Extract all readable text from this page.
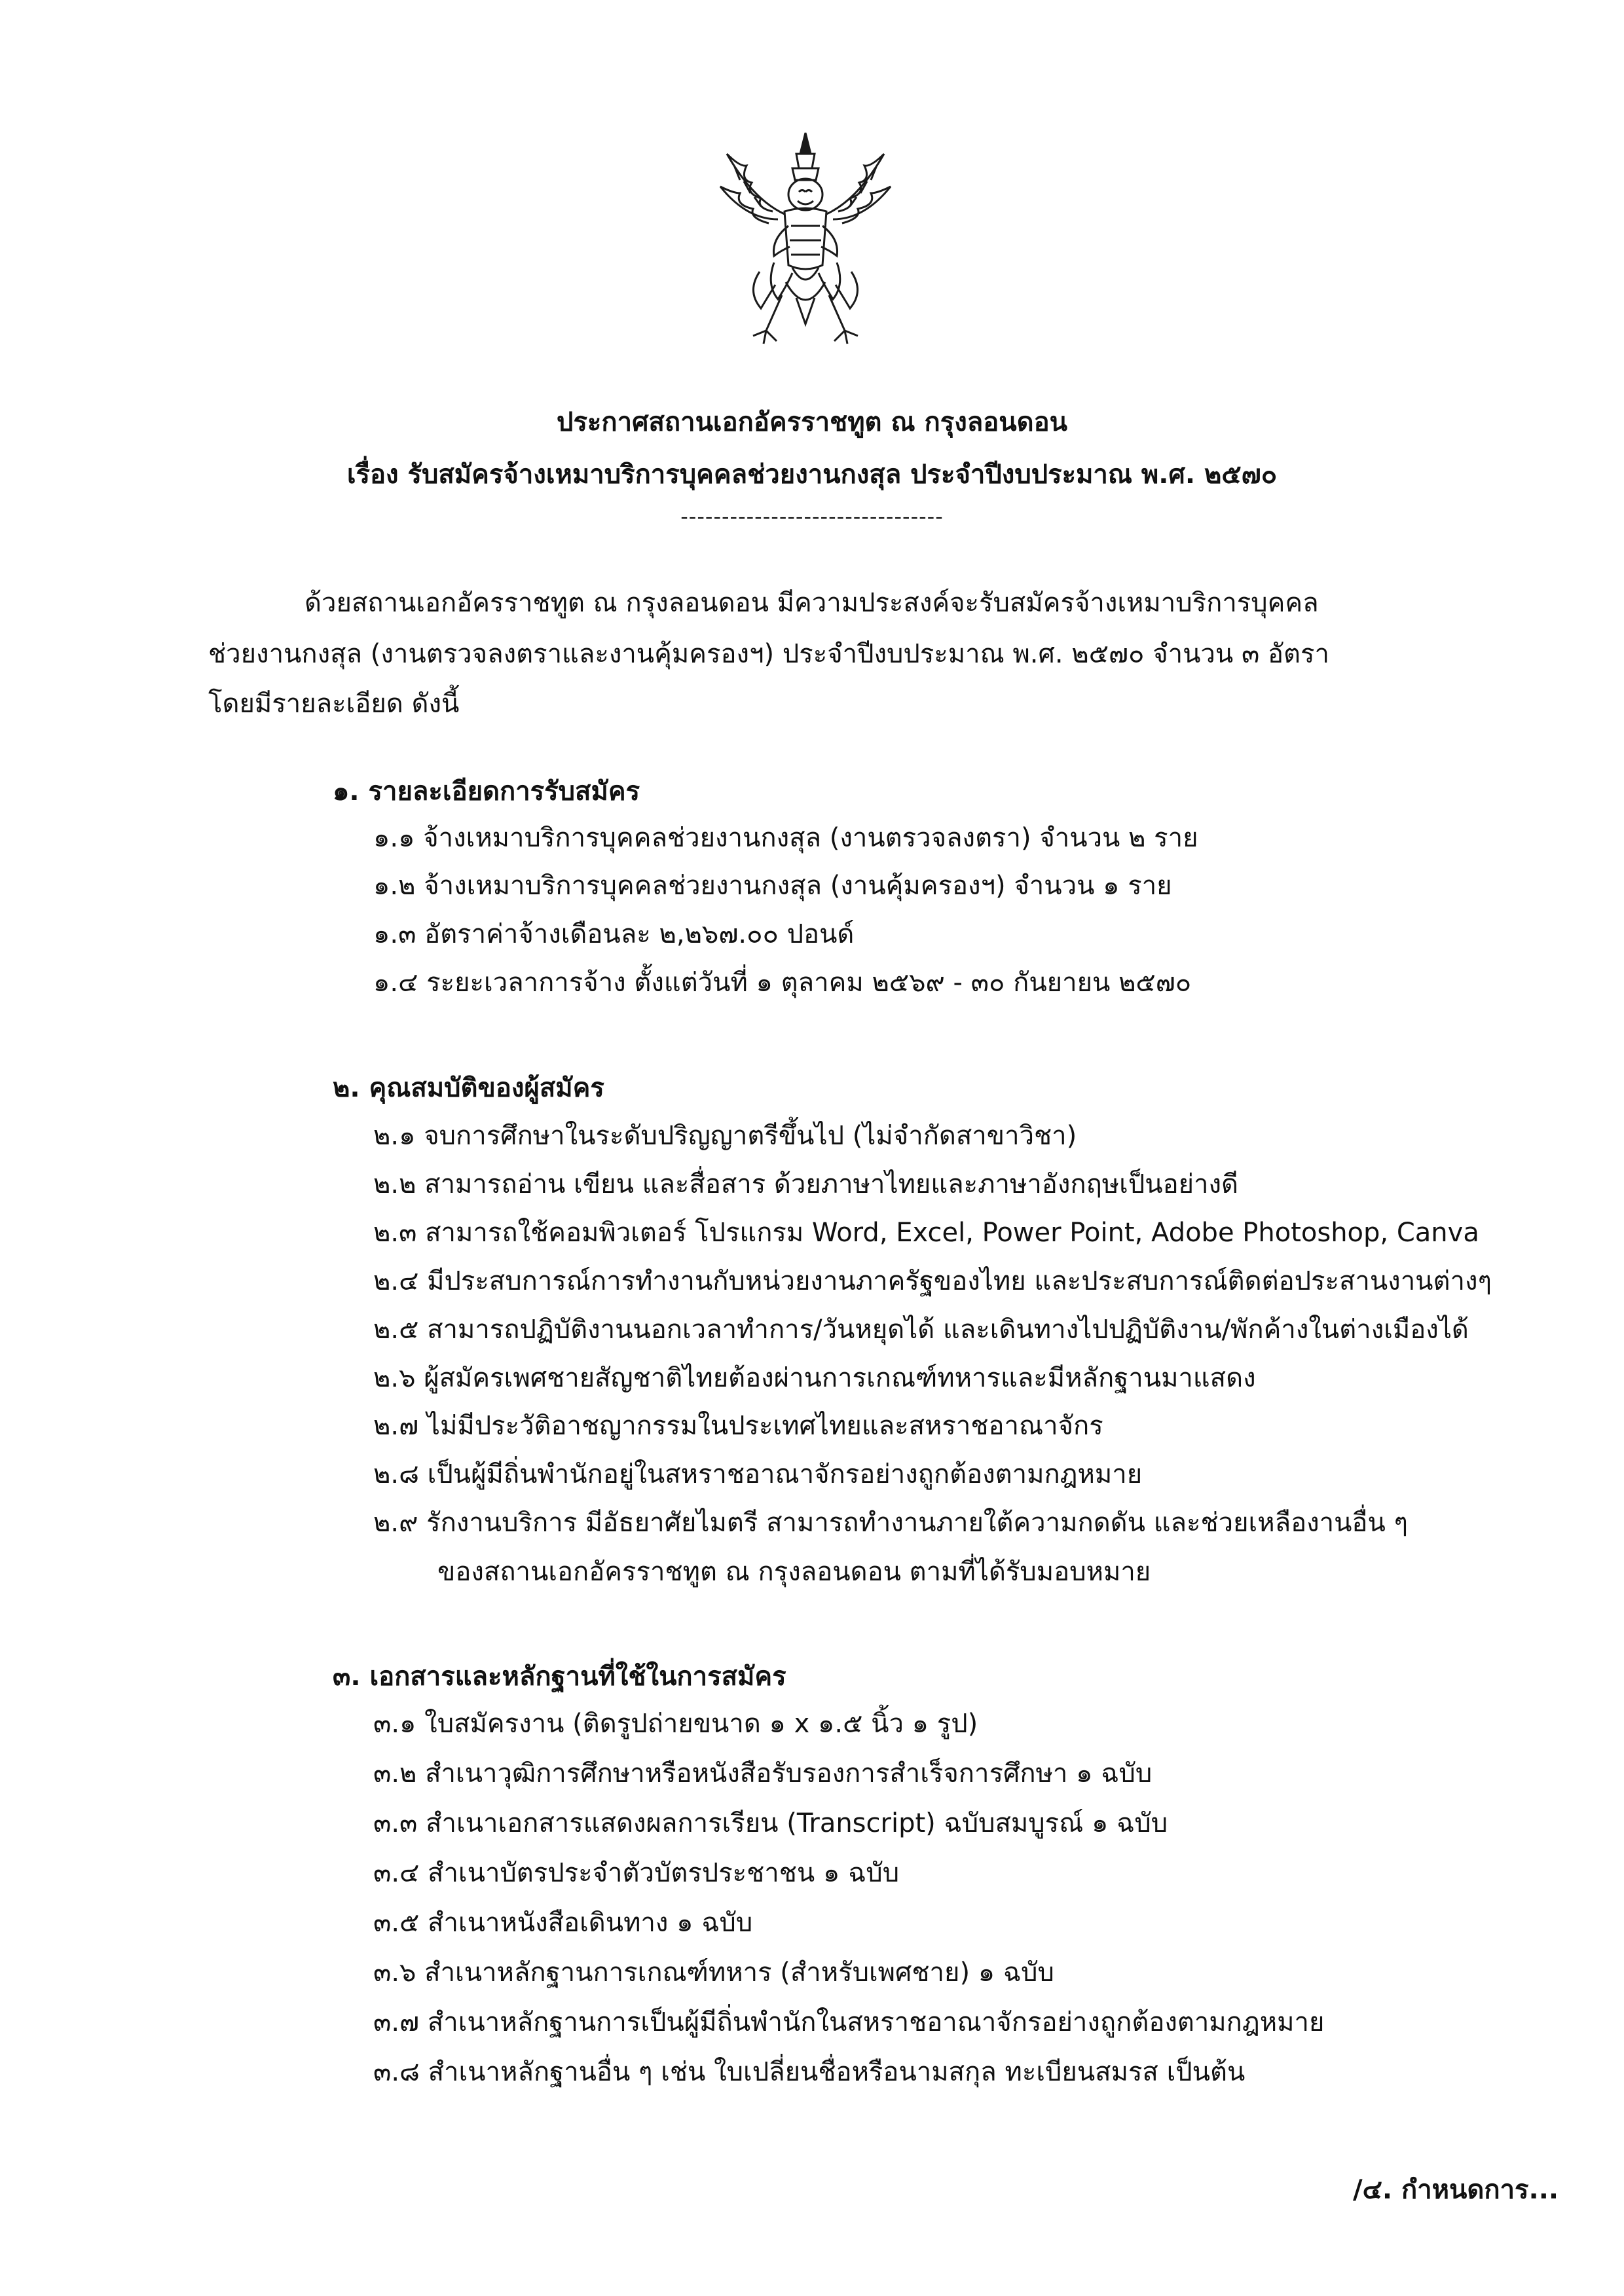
ประกาศสถานเอกอัครราชทูต ณ กรุงลอนดอน

เรื่อง รับสมัครจ้างเหมาบริการบุคคลช่วยงานกงสุล ประจำปีงบประมาณ พ.ศ. ๒๕๗๐

--------------------------------

ด้วยสถานเอกอัครราชทูต ณ กรุงลอนดอน มีความประสงค์จะรับสมัครจ้างเหมาบริการบุคคล

ช่วยงานกงสุล (งานตรวจลงตราและงานคุ้มครองฯ) ประจำปีงบประมาณ พ.ศ. ๒๕๗๐ จำนวน ๓ อัตรา

โดยมีรายละเอียด ดังนี้

๑. รายละเอียดการรับสมัคร

๑.๑ จ้างเหมาบริการบุคคลช่วยงานกงสุล (งานตรวจลงตรา) จำนวน ๒ ราย

๑.๒ จ้างเหมาบริการบุคคลช่วยงานกงสุล (งานคุ้มครองฯ) จำนวน ๑ ราย

๑.๓ อัตราค่าจ้างเดือนละ ๒,๒๖๗.๐๐ ปอนด์

๑.๔ ระยะเวลาการจ้าง ตั้งแต่วันที่ ๑ ตุลาคม ๒๕๖๙ - ๓๐ กันยายน ๒๕๗๐

๒. คุณสมบัติของผู้สมัคร

๒.๑ จบการศึกษาในระดับปริญญาตรีขึ้นไป (ไม่จำกัดสาขาวิชา)

๒.๒ สามารถอ่าน เขียน และสื่อสาร ด้วยภาษาไทยและภาษาอังกฤษเป็นอย่างดี

๒.๓ สามารถใช้คอมพิวเตอร์ โปรแกรม Word, Excel, Power Point, Adobe Photoshop, Canva

๒.๔ มีประสบการณ์การทำงานกับหน่วยงานภาครัฐของไทย และประสบการณ์ติดต่อประสานงานต่างๆ

๒.๕ สามารถปฏิบัติงานนอกเวลาทำการ/วันหยุดได้ และเดินทางไปปฏิบัติงาน/พักค้างในต่างเมืองได้

๒.๖ ผู้สมัครเพศชายสัญชาติไทยต้องผ่านการเกณฑ์ทหารและมีหลักฐานมาแสดง

๒.๗ ไม่มีประวัติอาชญากรรมในประเทศไทยและสหราชอาณาจักร

๒.๘ เป็นผู้มีถิ่นพำนักอยู่ในสหราชอาณาจักรอย่างถูกต้องตามกฎหมาย

๒.๙ รักงานบริการ มีอัธยาศัยไมตรี สามารถทำงานภายใต้ความกดดัน และช่วยเหลืองานอื่น ๆ

ของสถานเอกอัครราชทูต ณ กรุงลอนดอน ตามที่ได้รับมอบหมาย

๓. เอกสารและหลักฐานที่ใช้ในการสมัคร

๓.๑ ใบสมัครงาน (ติดรูปถ่ายขนาด ๑ x ๑.๕ นิ้ว ๑ รูป)

๓.๒ สำเนาวุฒิการศึกษาหรือหนังสือรับรองการสำเร็จการศึกษา ๑ ฉบับ

๓.๓ สำเนาเอกสารแสดงผลการเรียน (Transcript) ฉบับสมบูรณ์ ๑ ฉบับ

๓.๔ สำเนาบัตรประจำตัวบัตรประชาชน ๑ ฉบับ

๓.๕ สำเนาหนังสือเดินทาง ๑ ฉบับ

๓.๖ สำเนาหลักฐานการเกณฑ์ทหาร (สำหรับเพศชาย) ๑ ฉบับ

๓.๗ สำเนาหลักฐานการเป็นผู้มีถิ่นพำนักในสหราชอาณาจักรอย่างถูกต้องตามกฎหมาย

๓.๘ สำเนาหลักฐานอื่น ๆ เช่น ใบเปลี่ยนชื่อหรือนามสกุล ทะเบียนสมรส เป็นต้น

/๔. กำหนดการ...
